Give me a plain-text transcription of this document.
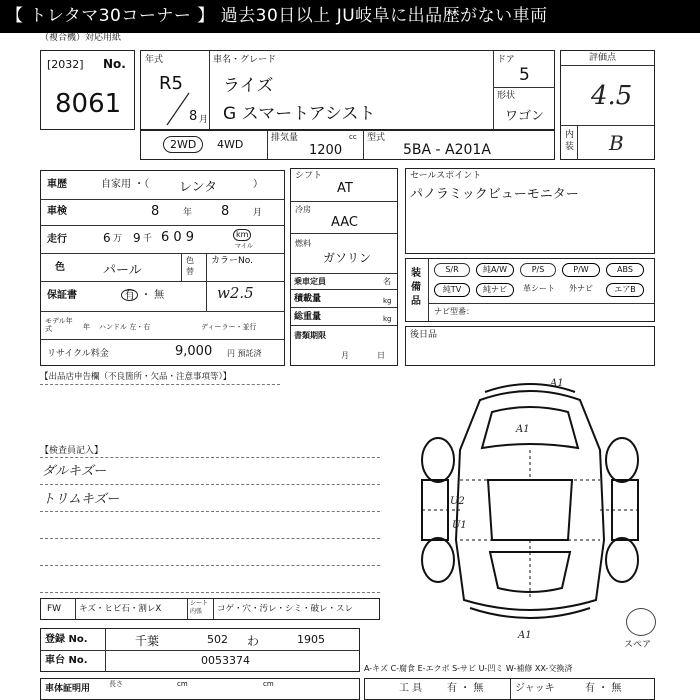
【 トレタマ30コーナー 】 過去30日以上 JU岐阜に出品歴がない車両
（複合機）対応用紙
[2032] No.
8061
年式
R5
8 月
車名・グレード
ライズ
G スマートアシスト
ドア
5
形状
ワゴン
評価点
4.5
内装 B
2WD	4WD	排気量	cc
1200
型式
5BA - A201A
車歴	自家用 ・（ レンタ	）
車検	8	年 8	月
走行	6 万 9 千 6 0 9	km
マイル
色	パール
色替
カラーNo.
保証書	有 ・ 無	w2.5
モデル年式	年 ハンドル 左・右	ディーラー・並行
リサイクル料金	9,000 円 預託済
シフト
AT
冷房
AAC
燃料
ガソリン
乗車定員	名
積載量	kg
総重量	kg
書類期限
月	日
セールスポイント
パノラミックビューモニター
装備品
S/R	純A/W	P/S	P/W	ABS
純TV	純ナビ	革シート	外ナビ	エアB
ナビ型番：
後日品
【出品店申告欄（不良箇所・欠品・注意事項等）】
【検査員記入】
ダルキズー
トリムキズー
A1
A1
U2
U1
A1
スペア
FW キズ・ヒビ石・割レX
シート内張	コゲ・穴・汚レ・シミ・破レ・スレ
登録 No.	千葉	502 わ	1905
車台 No.	0053374
A-キズ C-腐食 E-エクボ S-サビ U-凹ミ W-補修 XX-交換済
車体証明用	長さ	cm	cm	工 具 有 ・ 無	ジャッキ	有 ・ 無
